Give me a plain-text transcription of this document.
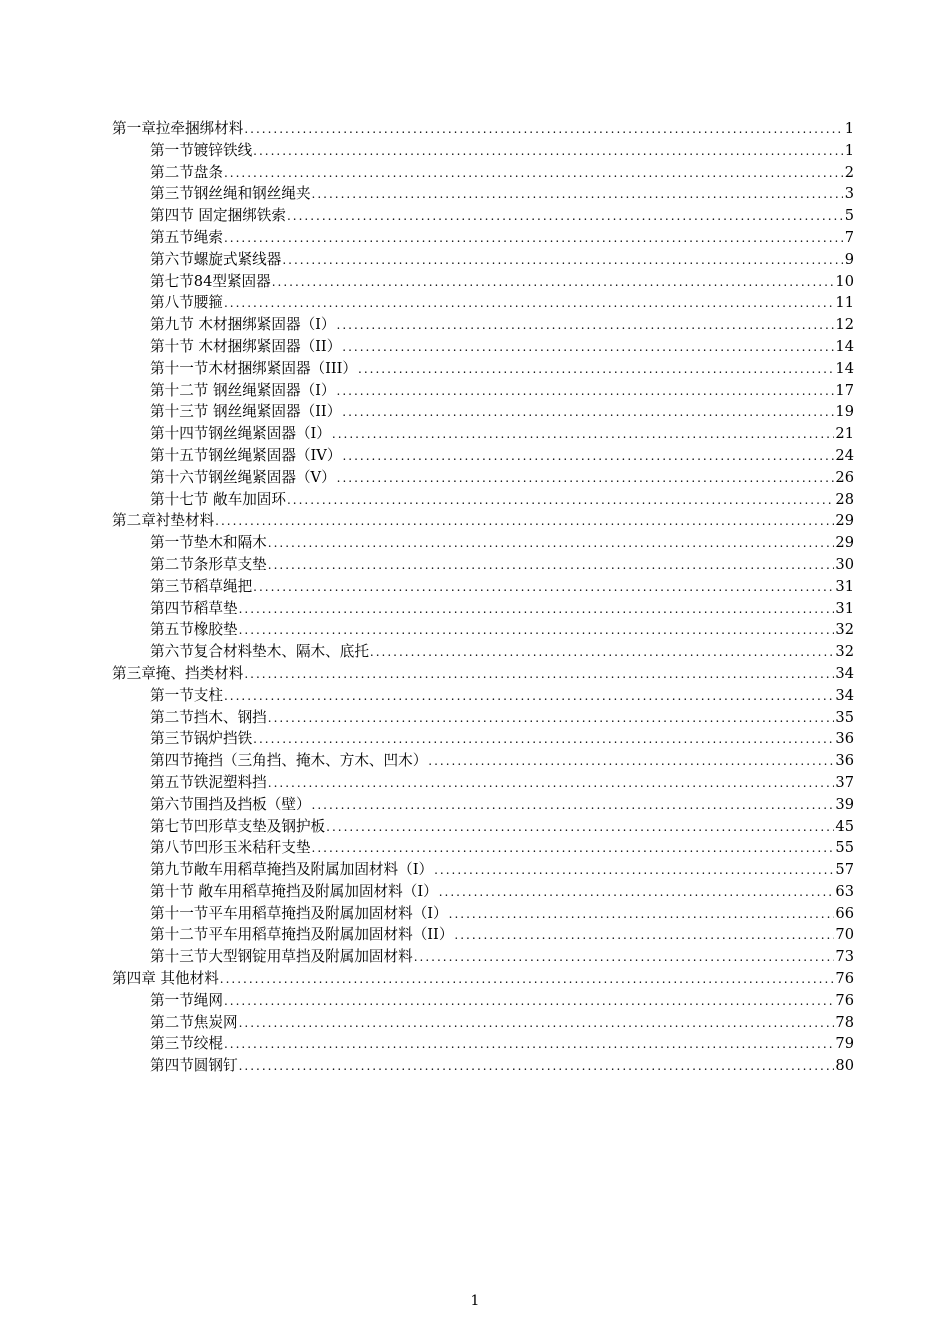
第一章拉牵捆绑材料 .....	1
第一节镀锌铁线 .....	1
第二节盘条 .....	2
第三节钢丝绳和钢丝绳夹 .....	3
第四节 固定捆绑铁索 .....	5
第五节绳索 .....	7
第六节螺旋式紧线器 .....	9
第七节84型紧固器 .....	10
第八节腰箍 .....	11
第九节 木材捆绑紧固器（I） .....	12
第十节 木材捆绑紧固器（II） .....	14
第十一节木材捆绑紧固器（III） .....	14
第十二节 钢丝绳紧固器（I） .....	17
第十三节 钢丝绳紧固器（II） .....	19
第十四节钢丝绳紧固器（I） .....	21
第十五节钢丝绳紧固器（IV） .....	24
第十六节钢丝绳紧固器（V） .....	26
第十七节 敞车加固环 .....	28
第二章衬垫材料 .....	29
第一节垫木和隔木 .....	29
第二节条形草支垫 .....	30
第三节稻草绳把 .....	31
第四节稻草垫 .....	31
第五节橡胶垫 .....	32
第六节复合材料垫木、隔木、底托 .....	32
第三章掩、挡类材料 .....	34
第一节支柱 .....	34
第二节挡木、钢挡 .....	35
第三节锅炉挡铁 .....	36
第四节掩挡（三角挡、掩木、方木、凹木） .....	36
第五节铁泥塑料挡 .....	37
第六节围挡及挡板（壁） .....	39
第七节凹形草支垫及钢护板 .....	45
第八节凹形玉米秸秆支垫 .....	55
第九节敞车用稻草掩挡及附属加固材料（I） .....	57
第十节 敞车用稻草掩挡及附属加固材料（I） .....	63
第十一节平车用稻草掩挡及附属加固材料（I） .....	66
第十二节平车用稻草掩挡及附属加固材料（II） .....	70
第十三节大型钢锭用草挡及附属加固材料 .....	73
第四章 其他材料 .....	76
第一节绳网 .....	76
第二节焦炭网 .....	78
第三节绞棍 .....	79
第四节圆钢钉 .....	80
1
